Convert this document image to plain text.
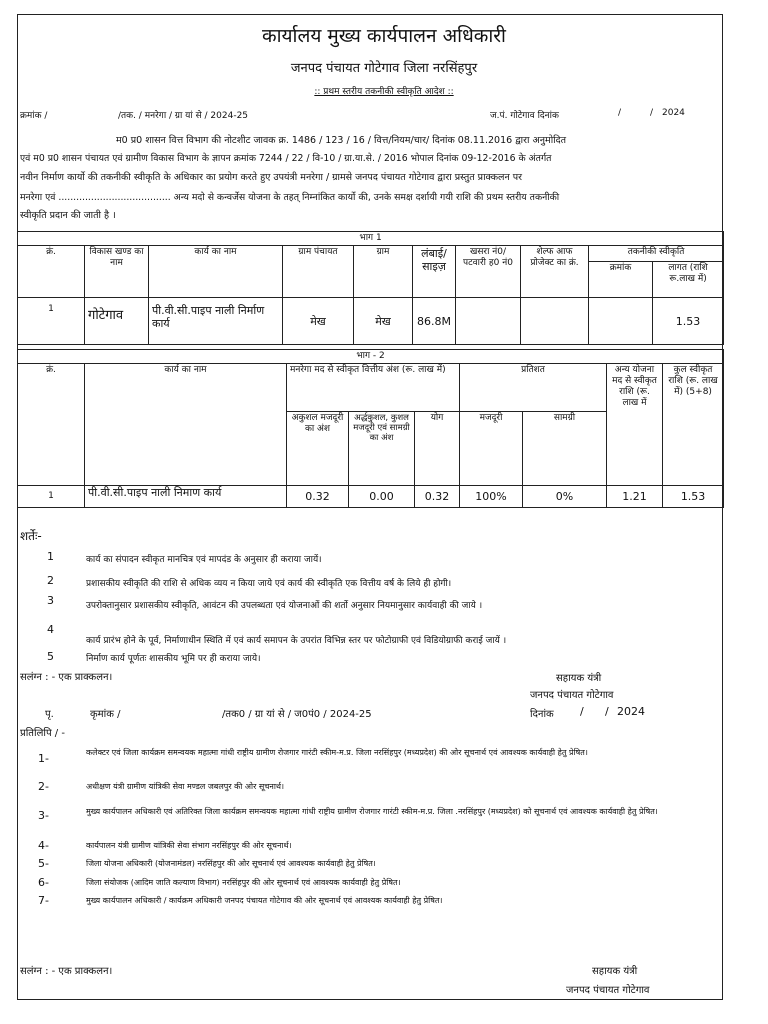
कार्यालय मुख्य कार्यपालन अधिकारी
जनपद पंचायत गोटेगाव जिला नरसिंहपुर
:: प्रथम स्तरीय तकनीकी स्वीकृति आदेश ::
क्रमांक /	/तक. / मनरेगा / ग्रा यां से / 2024-25	ज.पं. गोटेगाव दिनांक	/	/ 2024
म0 प्र0 शासन वित्त विभाग की नोटशीट जावक क्र. 1486 / 123 / 16 / वित्त/नियम/चार/ दिनांक 08.11.2016 द्वारा अनुमोदित
एवं म0 प्र0 शासन पंचायत एवं ग्रामीण विकास विभाग के ज्ञापन क्रमांक 7244 / 22 / वि-10 / ग्रा.या.से. / 2016 भोपाल दिनांक 09-12-2016 के अंतर्गत
नवीन निर्माण कार्यो की तकनीकी स्वीकृति के अधिकार का प्रयोग करते हुए उपयंत्री मनरेगा / ग्रामसे जनपद पंचायत गोटेगाव द्वारा प्रस्तुत प्राक्कलन पर
मनरेगा एवं ...................................... अन्य मदो से कन्वर्जेस योजना के तहत् निम्नांकित कार्यो की, उनके समक्ष दर्शायी गयी राशि की प्रथम स्तरीय तकनीकी
स्वीकृति प्रदान की जाती है ।
भाग 1									
क्रं.	विकास खण्ड का नाम	कार्य का नाम	ग्राम पंचायत	ग्राम	लंबाई/ साइज़	खसरा नं0/ पटवारी ह0 नं0	शेल्फ आफ प्रोजेक्ट का क्रं.	तकनीकी स्वीकृति	
								क्रमांक	लागत (राशि रू.लाख में)
1	गोटेगाव	पी.वी.सी.पाइप नाली निर्माण कार्य	मेख	मेख	86.8M				1.53
भाग - 2								
क्रं.	कार्य का नाम	मनरेगा मद से स्वीकृत वित्तीय अंश (रू. लाख में)			प्रतिशत		अन्य योजना मद से स्वीकृत राशि (रू. लाख में	कुल स्वीकृत राशि (रू. लाख में) (5+8)
		अकुशल मजदूरी का अंश	अर्द्धकुशल, कुशल मजदूरी एवं सामग्री का अंश	योग	मजदूरी	सामग्री		
1	पी.वी.सी.पाइप नाली निमाण कार्य	0.32	0.00	0.32	100%	0%	1.21	1.53
शर्तेः-
1	कार्य का संपादन स्वीकृत मानचित्र एवं मापदंड के अनुसार ही कराया जायें।
2	प्रशासकीय स्वीकृति की राशि से अधिक व्यय न किया जाये एवं कार्य की स्वीकृति एक वित्तीय वर्ष के लिये ही होगी।
3	उपरोक्तानुसार प्रशासकीय स्वीकृति, आवंटन की उपलब्धता एवं योजनाओं की शर्तो अनुसार नियमानुसार कार्यवाही की जाये ।
4
कार्य प्रारंभ होने के पूर्व, निर्माणाधीन स्थिति में एवं कार्य समापन के उपरांत विभिन्न स्तर पर फोटोग्राफी एवं विडियोग्राफी कराई जायें ।
5	निर्माण कार्य पूर्णतः शासकीय भूमि पर ही कराया जाये।
सलंग्न : - एक प्राक्कलन।	सहायक यंत्री
जनपद पंचायत गोटेगाव
पृ.	कृमांक /	/तक0 / ग्रा यां से / ज0पं0 / 2024-25	दिनांक / / 2024
प्रतिलिपि / -
1-	कलेक्टर एवं जिला कार्यक्रम समन्वयक महात्मा गांधी राष्ट्रीय ग्रामीण रोजगार गारंटी स्कीम-म.प्र. जिला नरसिंहपुर (मध्यप्रदेश) की ओर सूचनार्थ एवं आवश्यक कार्यवाही हेतु प्रेषित।
2-	अधीक्षण यंत्री ग्रामीण यांत्रिकी सेवा मण्डल जबलपुर की ओर सूचनार्थ।
3-	मुख्य कार्यपालन अधिकारी एवं अतिरिक्त जिला कार्यक्रम समन्वयक महात्मा गांधी राष्ट्रीय ग्रामीण रोजगार गारंटी स्कीम-म.प्र. जिला .नरसिंहपुर (मध्यप्रदेश) को सूचनार्थ एवं आवश्यक कार्यवाही हेतु प्रेषित।
4-	कार्यपालन यंत्री ग्रामीण यांत्रिकी सेवा संभाग नरसिंहपुर की ओर सूचनार्थ।
5-	जिला योजना अधिकारी (योजनामंडल) नरसिंहपुर की ओर सूचनार्थ एवं आवश्यक कार्यवाही हेतु प्रेषित।
6-	जिला संयोजक (आदिम जाति कल्याण विभाग) नरसिंहपुर की ओर सूचनार्थ एवं आवश्यक कार्यवाही हेतु प्रेषित।
7-	मुख्य कार्यपालन अधिकारी / कार्यक्रम अधिकारी जनपद पंचायत गोटेगाव की ओर सूचनार्थ एवं आवश्यक कार्यवाही हेतु प्रेषित।
सलंग्न : - एक प्राक्कलन।	सहायक यंत्री
जनपद पंचायत गोटेगाव
